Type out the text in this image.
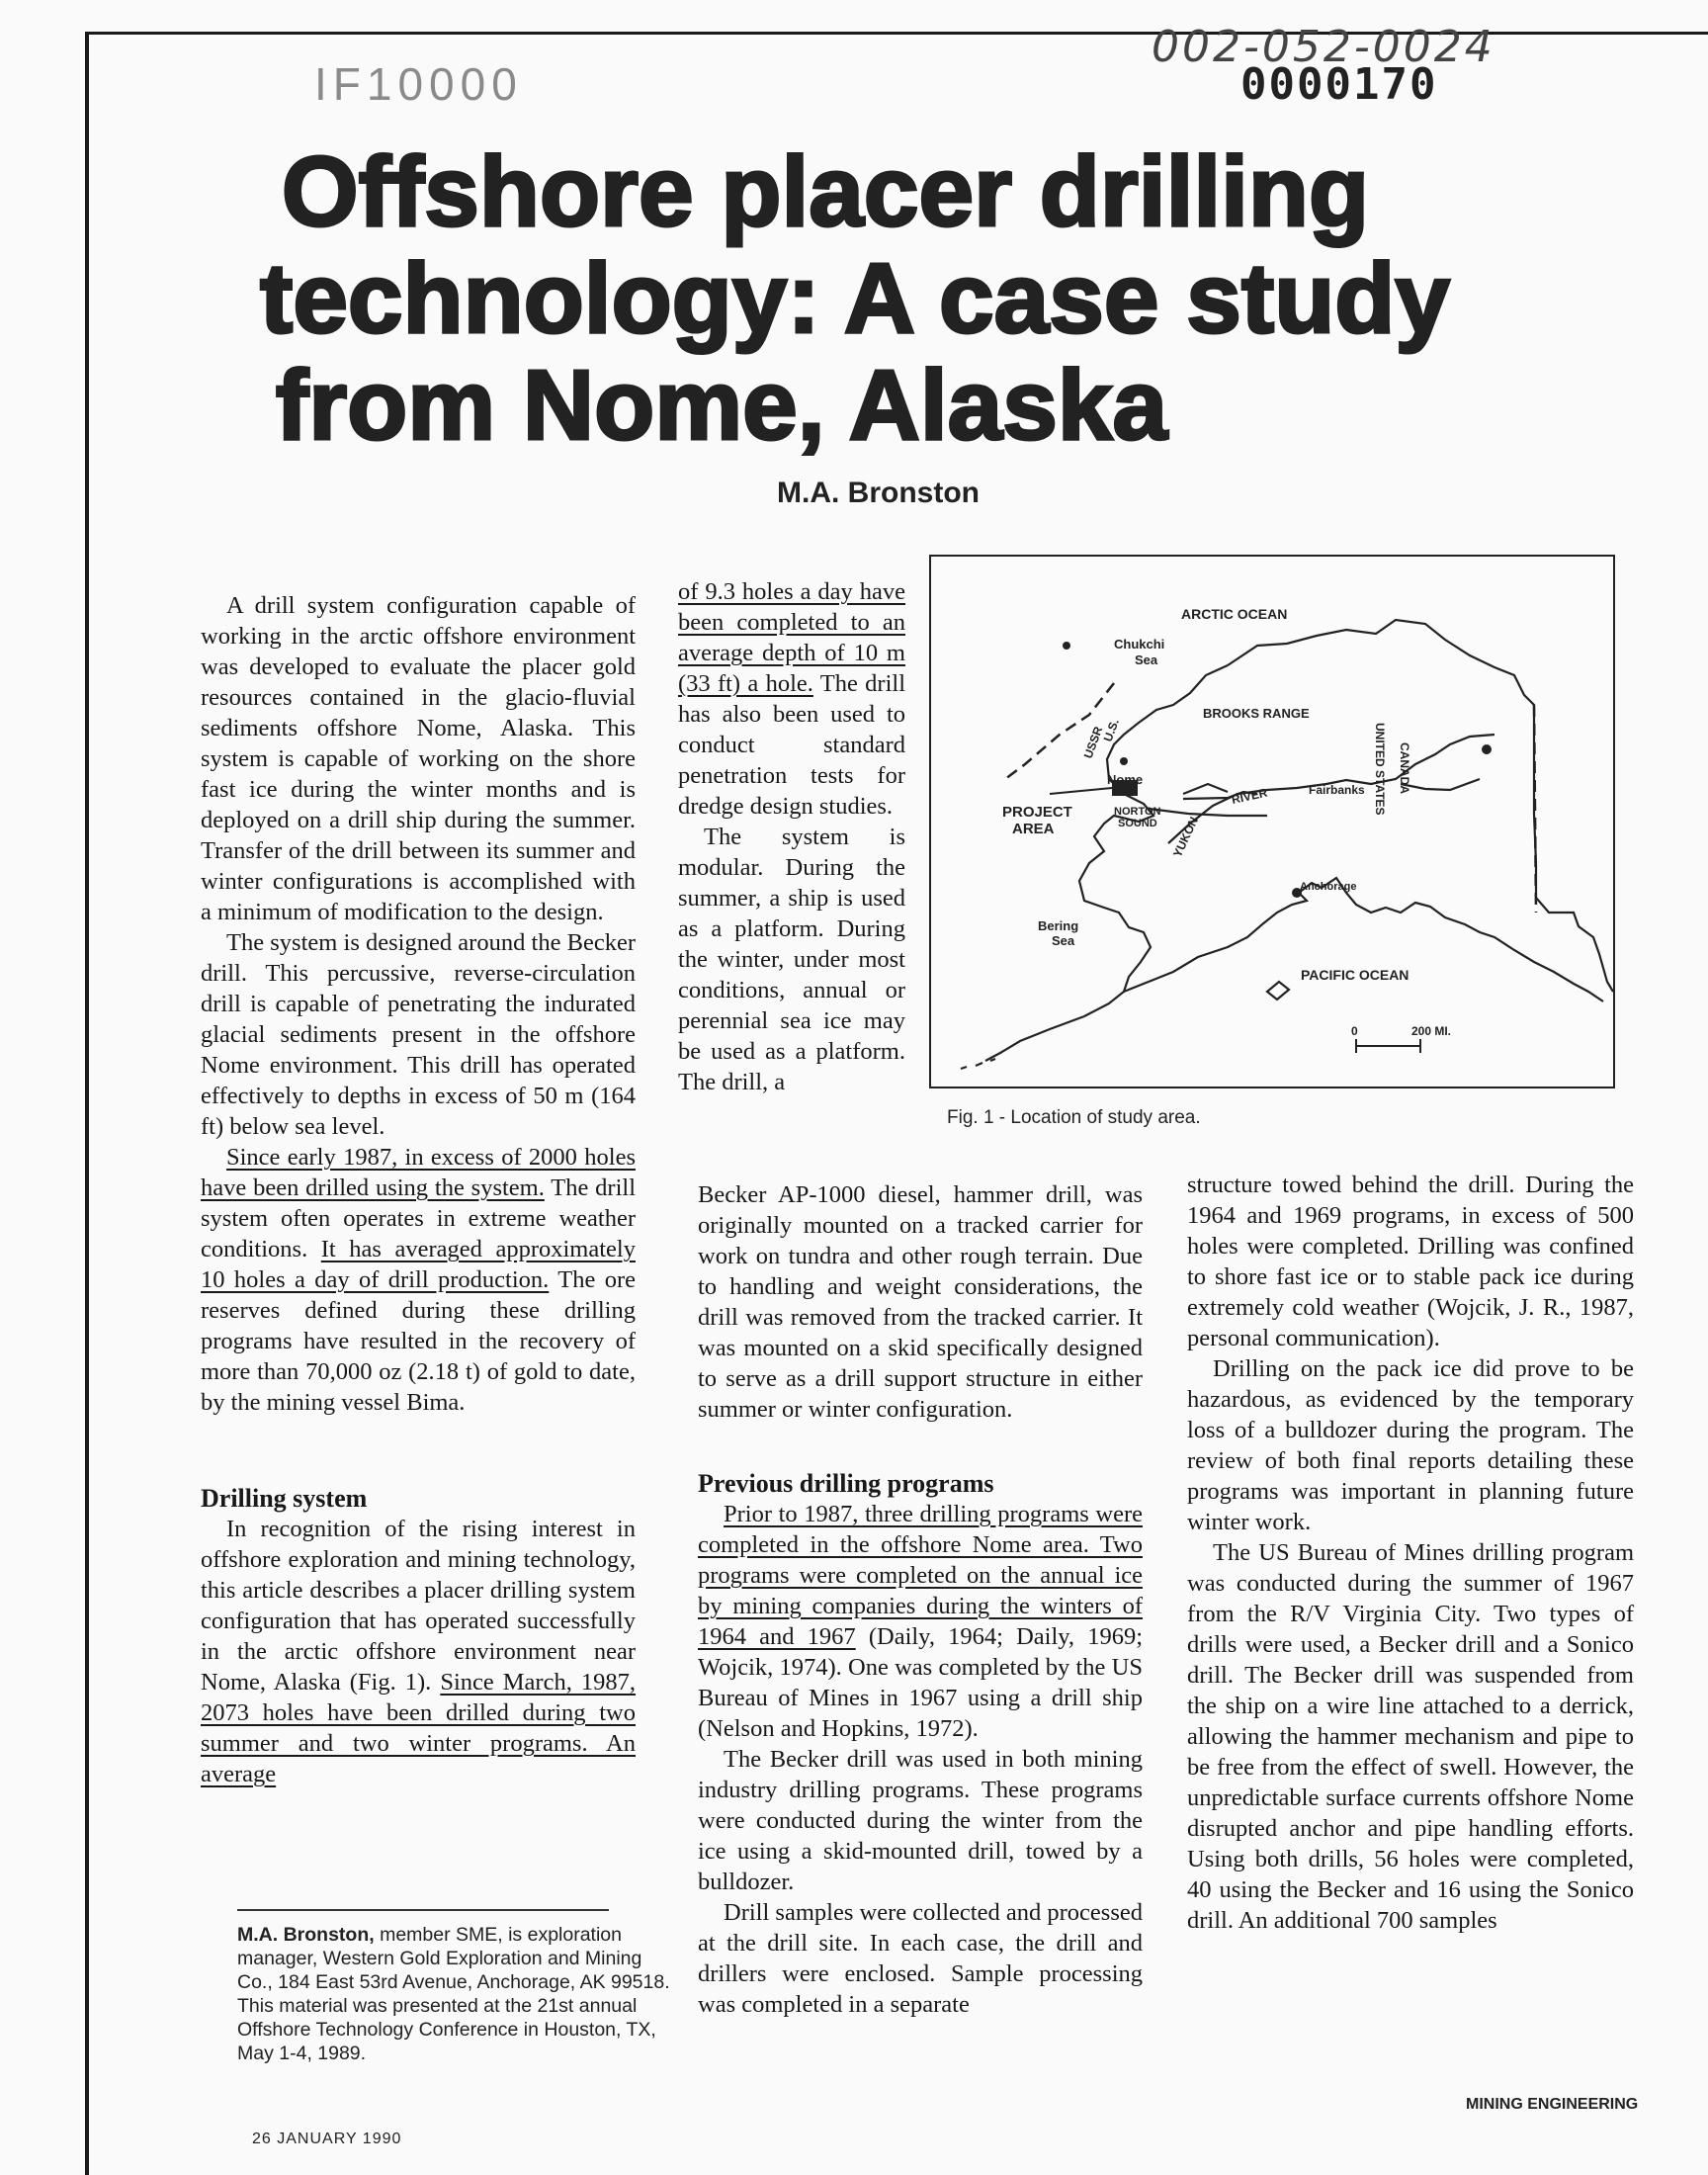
IF10000
002-052-0024
0000170
Offshore placer drilling
technology: A case study
from Nome, Alaska
M.A. Bronston

A drill system configuration capable of working in the arctic offshore environment was developed to evaluate the placer gold resources contained in the glacio-fluvial sediments offshore Nome, Alaska. This system is capable of working on the shore fast ice during the winter months and is deployed on a drill ship during the summer. Transfer of the drill between its summer and winter configurations is accomplished with a minimum of modification to the design.

The system is designed around the Becker drill. This percussive, reverse-circulation drill is capable of penetrating the indurated glacial sediments present in the offshore Nome environment. This drill has operated effectively to depths in excess of 50 m (164 ft) below sea level.

Since early 1987, in excess of 2000 holes have been drilled using the system. The drill system often operates in extreme weather conditions. It has averaged approximately 10 holes a day of drill production. The ore reserves defined during these drilling programs have resulted in the recovery of more than 70,000 oz (2.18 t) of gold to date, by the mining vessel Bima.

Drilling system

In recognition of the rising interest in offshore exploration and mining technology, this article describes a placer drilling system configuration that has operated successfully in the arctic offshore environment near Nome, Alaska (Fig. 1). Since March, 1987, 2073 holes have been drilled during two summer and two winter programs. An average

of 9.3 holes a day have been completed to an average depth of 10 m (33 ft) a hole. The drill has also been used to conduct standard penetration tests for dredge design studies.

The system is modular. During the summer, a ship is used as a platform. During the winter, under most conditions, annual or perennial sea ice may be used as a platform. The drill, a

ARCTIC OCEAN
Chukchi
Sea
BROOKS RANGE
USSR
U.S.
Nome
PROJECT
AREA
NORTON
SOUND YUKON
RIVER	Fairbanks	CANADA
UNITED STATES
Anchorage
Bering
Sea
PACIFIC OCEAN
0	200 MI.
Fig. 1 - Location of study area.

Becker AP-1000 diesel, hammer drill, was originally mounted on a tracked carrier for work on tundra and other rough terrain. Due to handling and weight considerations, the drill was removed from the tracked carrier. It was mounted on a skid specifically designed to serve as a drill support structure in either summer or winter configuration.

Previous drilling programs

Prior to 1987, three drilling programs were completed in the offshore Nome area. Two programs were completed on the annual ice by mining companies during the winters of 1964 and 1967 (Daily, 1964; Daily, 1969; Wojcik, 1974). One was completed by the US Bureau of Mines in 1967 using a drill ship (Nelson and Hopkins, 1972).

The Becker drill was used in both mining industry drilling programs. These programs were conducted during the winter from the ice using a skid-mounted drill, towed by a bulldozer.

Drill samples were collected and processed at the drill site. In each case, the drill and drillers were enclosed. Sample processing was completed in a separate

structure towed behind the drill. During the 1964 and 1969 programs, in excess of 500 holes were completed. Drilling was confined to shore fast ice or to stable pack ice during extremely cold weather (Wojcik, J. R., 1987, personal communication).

Drilling on the pack ice did prove to be hazardous, as evidenced by the temporary loss of a bulldozer during the program. The review of both final reports detailing these programs was important in planning future winter work.

The US Bureau of Mines drilling program was conducted during the summer of 1967 from the R/V Virginia City. Two types of drills were used, a Becker drill and a Sonico drill. The Becker drill was suspended from the ship on a wire line attached to a derrick, allowing the hammer mechanism and pipe to be free from the effect of swell. However, the unpredictable surface currents offshore Nome disrupted anchor and pipe handling efforts. Using both drills, 56 holes were completed, 40 using the Becker and 16 using the Sonico drill. An additional 700 samples

M.A. Bronston, member SME, is exploration manager, Western Gold Exploration and Mining Co., 184 East 53rd Avenue, Anchorage, AK 99518. This material was presented at the 21st annual Offshore Technology Conference in Houston, TX, May 1-4, 1989.
26 JANUARY 1990
MINING ENGINEERING
